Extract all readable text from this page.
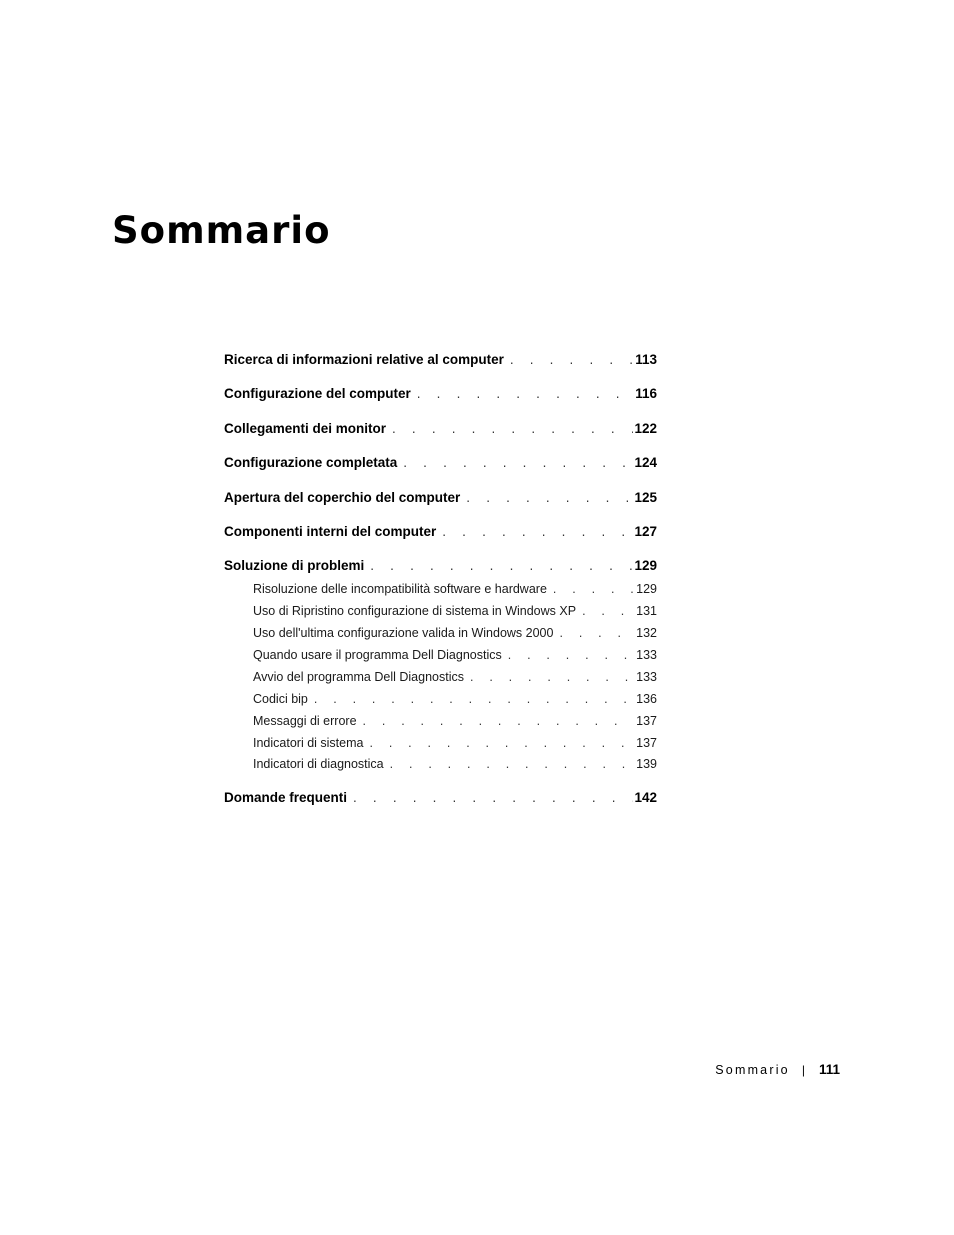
Sommario
Ricerca di informazioni relative al computer . . .	113
Configurazione del computer . . .	116
Collegamenti dei monitor . . .	122
Configurazione completata . . .	124
Apertura del coperchio del computer . . .	125
Componenti interni del computer . . .	127
Soluzione di problemi . . .	129
Risoluzione delle incompatibilità software e hardware . . .	129
Uso di Ripristino configurazione di sistema in Windows XP . . .	131
Uso dell'ultima configurazione valida in Windows 2000 . . .	132
Quando usare il programma Dell Diagnostics . . .	133
Avvio del programma Dell Diagnostics . . .	133
Codici bip . . .	136
Messaggi di errore . . .	137
Indicatori di sistema . . .	137
Indicatori di diagnostica . . .	139
Domande frequenti . . .	142
Sommario | 111
